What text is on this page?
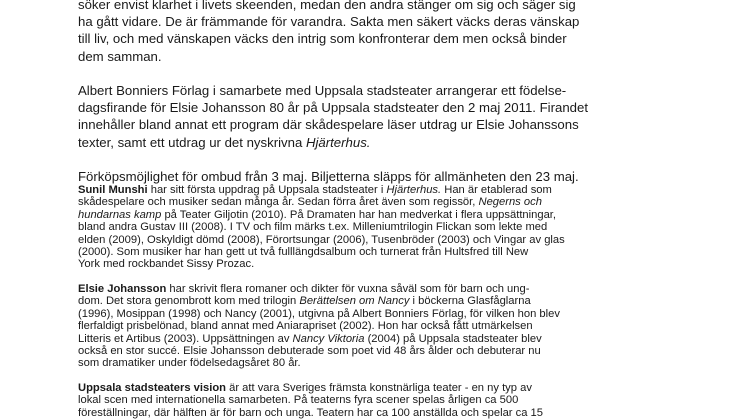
söker envist klarhet i livets skeenden, medan den andra stänger om sig och säger sig
ha gått vidare. De är främmande för varandra. Sakta men säkert väcks deras vänskap
till liv, och med vänskapen väcks den intrig som konfronterar dem men också binder
dem samman.

Albert Bonniers Förlag i samarbete med Uppsala stadsteater arrangerar ett födelse-
dagsfirande för Elsie Johansson 80 år på Uppsala stadsteater den 2 maj 2011. Firandet
innehåller bland annat ett program där skådespelare läser utdrag ur Elsie Johanssons
texter, samt ett utdrag ur det nyskrivna Hjärterhus.

Förköpsmöjlighet för ombud från 3 maj. Biljetterna släpps för allmänheten den 23 maj.

Sunil Munshi har sitt första uppdrag på Uppsala stadsteater i Hjärterhus. Han är etablerad som
skådespelare och musiker sedan många år. Sedan förra året även som regissör, Negerns och
hundarnas kamp på Teater Giljotin (2010). På Dramaten har han medverkat i flera uppsättningar,
bland andra Gustav III (2008). I TV och film märks t.ex. Milleniumtrilogin Flickan som lekte med
elden (2009), Oskyldigt dömd (2008), Förortsungar (2006), Tusenbröder (2003) och Vingar av glas
(2000). Som musiker har han gett ut två fulllängdsalbum och turnerat från Hultsfred till New
York med rockbandet Sissy Prozac.

Elsie Johansson har skrivit flera romaner och dikter för vuxna såväl som för barn och ung-
dom. Det stora genombrott kom med trilogin Berättelsen om Nancy i böckerna Glasfåglarna
(1996), Mosippan (1998) och Nancy (2001), utgivna på Albert Bonniers Förlag, för vilken hon blev
flerfaldigt prisbelönad, bland annat med Aniarapriset (2002). Hon har också fått utmärkelsen
Litteris et Artibus (2003). Uppsättningen av Nancy Viktoria (2004) på Uppsala stadsteater blev
också en stor succé. Elsie Johansson debuterade som poet vid 48 års ålder och debuterar nu
som dramatiker under födelsedagsåret 80 år.

Uppsala stadsteaters vision är att vara Sveriges främsta konstnärliga teater - en ny typ av
lokal scen med internationella samarbeten. På teaterns fyra scener spelas årligen ca 500
föreställningar, där hälften är för barn och unga. Teatern har ca 100 anställda och spelar ca 15
